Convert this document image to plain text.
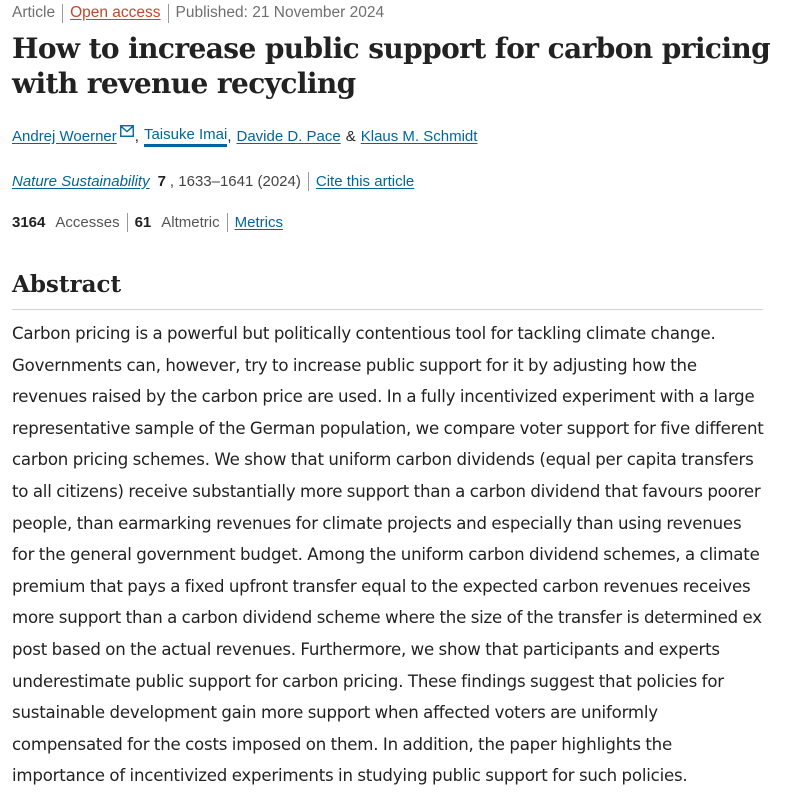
Article Open access Published: 21 November 2024
How to increase public support for carbon pricing with revenue recycling
Andrej Woerner , Taisuke Imai , Davide D. Pace & Klaus M. Schmidt
Nature Sustainability 7 , 1633–1641 (2024) Cite this article
3164 Accesses 61 Altmetric Metrics
Abstract

Carbon pricing is a powerful but politically contentious tool for tackling climate change. Governments can, however, try to increase public support for it by adjusting how the revenues raised by the carbon price are used. In a fully incentivized experiment with a large representative sample of the German population, we compare voter support for five different carbon pricing schemes. We show that uniform carbon dividends (equal per capita transfers to all citizens) receive substantially more support than a carbon dividend that favours poorer people, than earmarking revenues for climate projects and especially than using revenues for the general government budget. Among the uniform carbon dividend schemes, a climate premium that pays a fixed upfront transfer equal to the expected carbon revenues receives more support than a carbon dividend scheme where the size of the transfer is determined ex post based on the actual revenues. Furthermore, we show that participants and experts underestimate public support for carbon pricing. These findings suggest that policies for sustainable development gain more support when affected voters are uniformly compensated for the costs imposed on them. In addition, the paper highlights the importance of incentivized experiments in studying public support for such policies.
